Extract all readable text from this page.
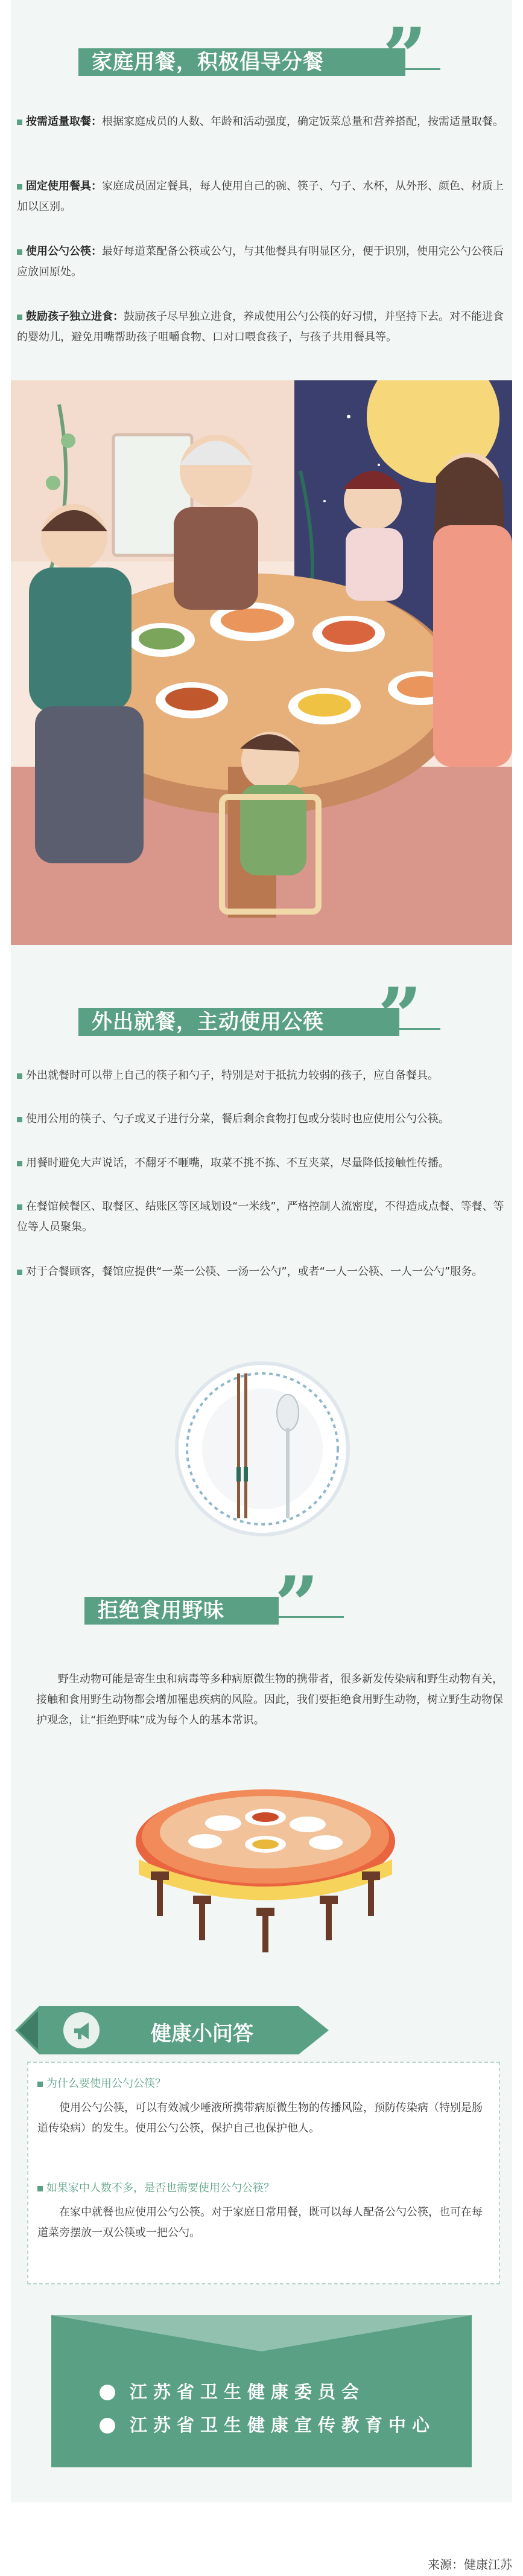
家庭用餐，积极倡导分餐 ”
按需适量取餐：根据家庭成员的人数、年龄和活动强度，确定饭菜总量和营养搭配，按需适量取餐。
固定使用餐具：家庭成员固定餐具，每人使用自己的碗、筷子、勺子、水杯，从外形、颜色、材质上加以区别。
使用公勺公筷：最好每道菜配备公筷或公勺，与其他餐具有明显区分，便于识别，使用完公勺公筷后应放回原处。
鼓励孩子独立进食：鼓励孩子尽早独立进食，养成使用公勺公筷的好习惯，并坚持下去。对不能进食的婴幼儿，避免用嘴帮助孩子咀嚼食物、口对口喂食孩子，与孩子共用餐具等。
外出就餐，主动使用公筷 ”
外出就餐时可以带上自己的筷子和勺子，特别是对于抵抗力较弱的孩子，应自备餐具。
使用公用的筷子、勺子或叉子进行分菜，餐后剩余食物打包或分装时也应使用公勺公筷。
用餐时避免大声说话，不翻牙不咂嘴，取菜不挑不拣、不互夹菜，尽量降低接触性传播。
在餐馆候餐区、取餐区、结账区等区域划设“一米线”，严格控制人流密度，不得造成点餐、等餐、等位等人员聚集。
对于合餐顾客，餐馆应提供“一菜一公筷、一汤一公勺”，或者“一人一公筷、一人一公勺”服务。
拒绝食用野味 ”
野生动物可能是寄生虫和病毒等多种病原微生物的携带者，很多新发传染病和野生动物有关，接触和食用野生动物都会增加罹患疾病的风险。因此，我们要拒绝食用野生动物，树立野生动物保护观念，让“拒绝野味”成为每个人的基本常识。
健康小问答
为什么要使用公勺公筷？
使用公勺公筷，可以有效减少唾液所携带病原微生物的传播风险，预防传染病（特别是肠道传染病）的发生。使用公勺公筷，保护自己也保护他人。
如果家中人数不多，是否也需要使用公勺公筷？
在家中就餐也应使用公勺公筷。对于家庭日常用餐，既可以每人配备公勺公筷，也可在每道菜旁摆放一双公筷或一把公勺。
江苏省卫生健康委员会
江苏省卫生健康宣传教育中心
来源：健康江苏
